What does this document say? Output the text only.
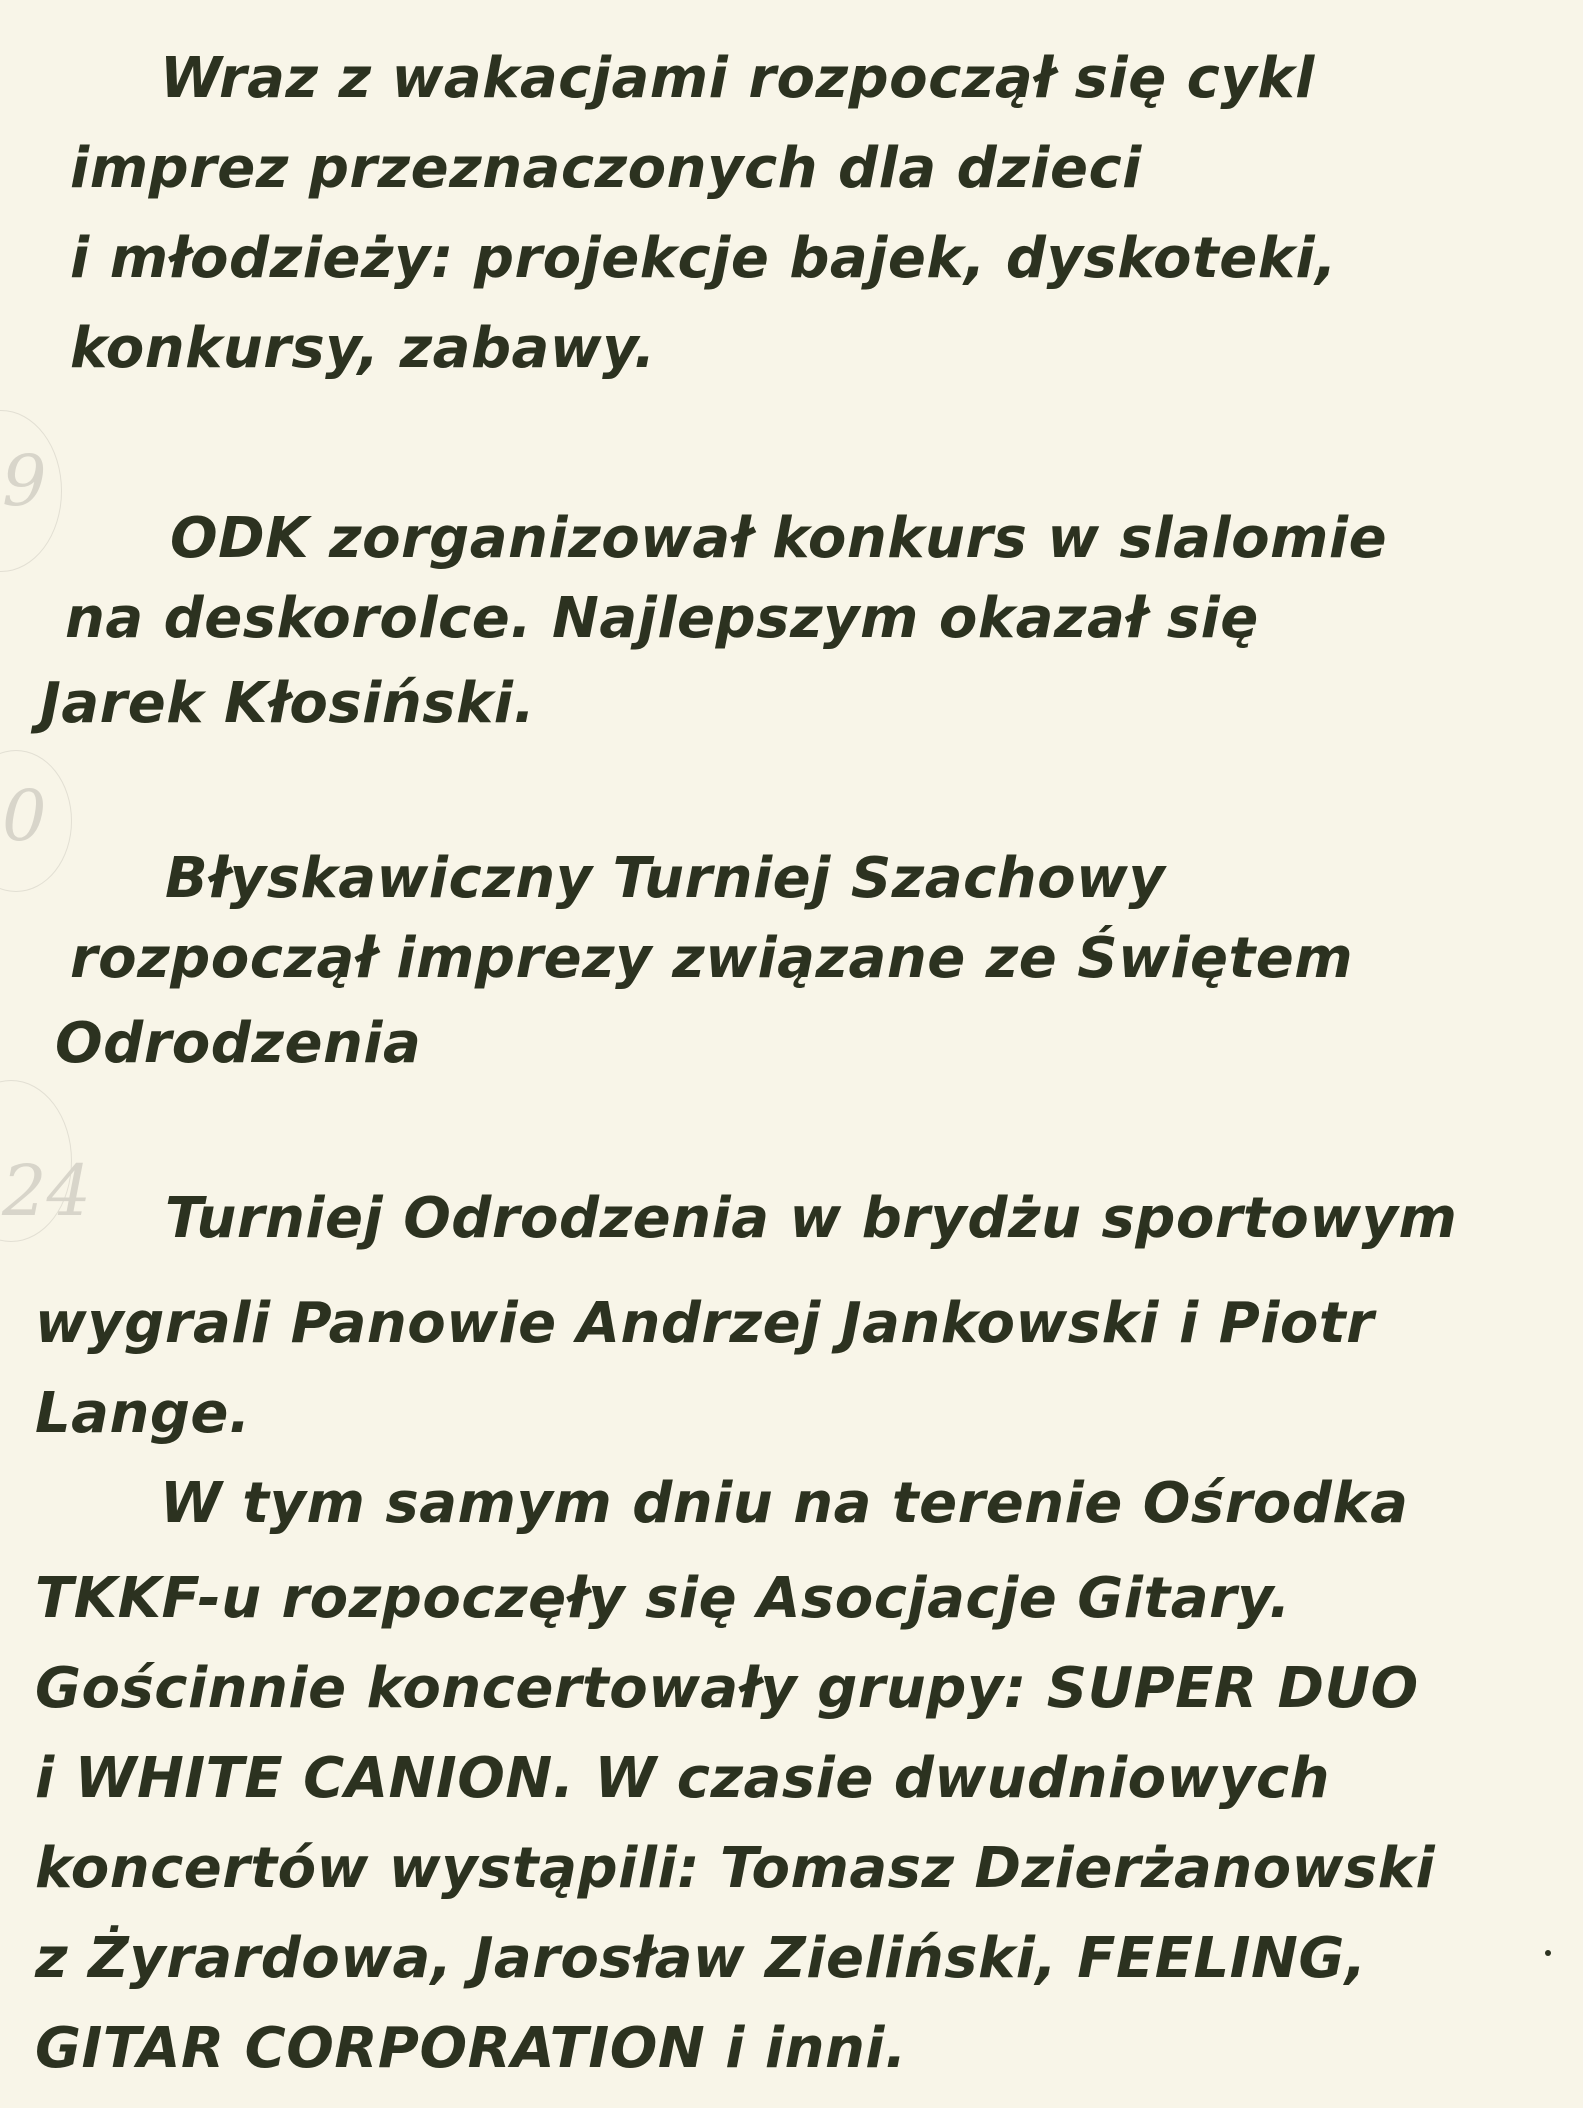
9
0
24
Wraz z wakacjami rozpoczął się cykl
imprez przeznaczonych dla dzieci
i młodzieży: projekcje bajek, dyskoteki,
konkursy, zabawy.
ODK zorganizował konkurs w slalomie
na deskorolce. Najlepszym okazał się
Jarek Kłosiński.
Błyskawiczny Turniej Szachowy
rozpoczął imprezy związane ze Świętem
Odrodzenia
Turniej Odrodzenia w brydżu sportowym
wygrali Panowie Andrzej Jankowski i Piotr
Lange.
W tym samym dniu na terenie Ośrodka
TKKF-u rozpoczęły się Asocjacje Gitary.
Gościnnie koncertowały grupy: SUPER DUO
i WHITE CANION. W czasie dwudniowych
koncertów wystąpili: Tomasz Dzierżanowski
z Żyrardowa, Jarosław Zieliński, FEELING,
GITAR CORPORATION i inni.
